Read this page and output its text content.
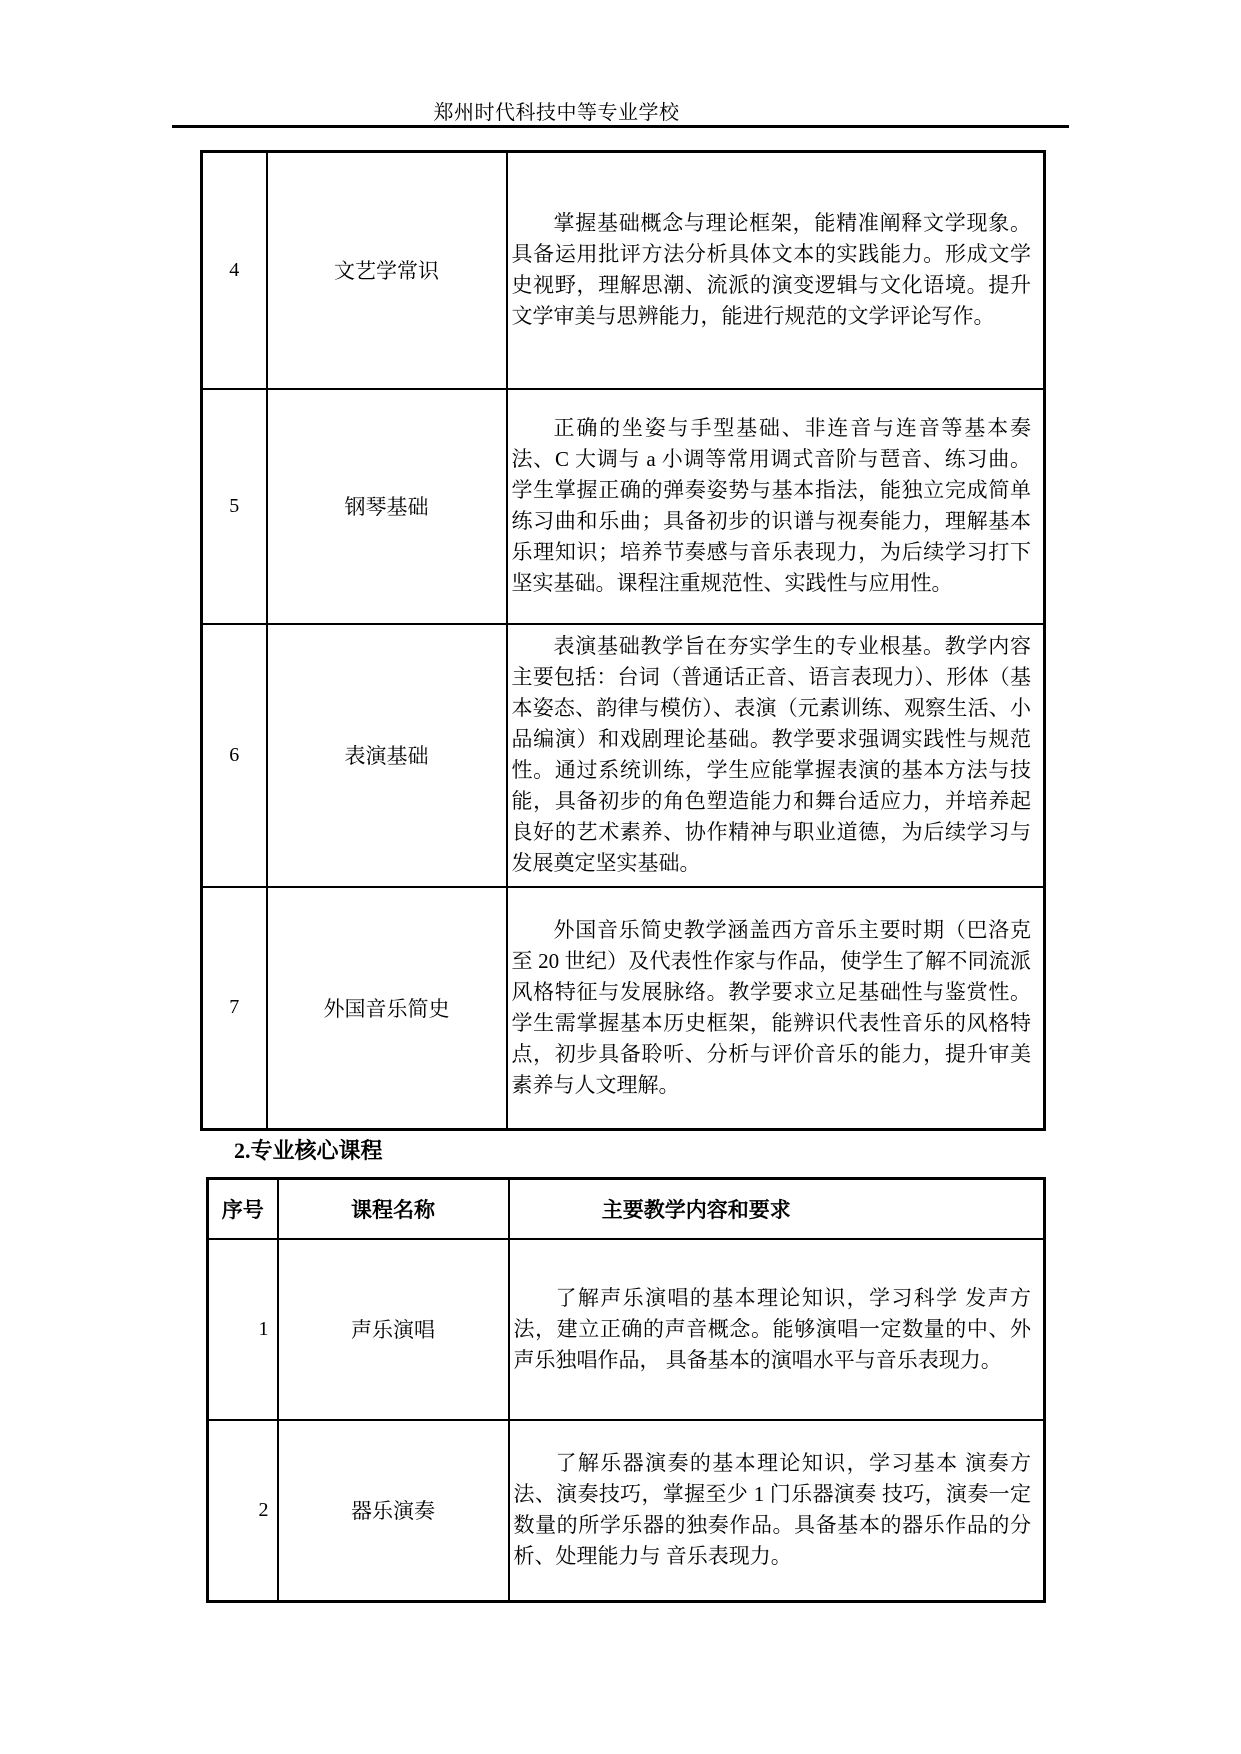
郑州时代科技中等专业学校
4	文艺学常识	掌握基础概念与理论框架，能精准阐释文学现象。具备运用批评方法分析具体文本的实践能力。形成文学史视野，理解思潮、流派的演变逻辑与文化语境。提升文学审美与思辨能力，能进行规范的文学评论写作。

5	钢琴基础	正确的坐姿与手型基础、非连音与连音等基本奏法、C 大调与 a 小调等常用调式音阶与琶音、练习曲。学生掌握正确的弹奏姿势与基本指法，能独立完成简单练习曲和乐曲；具备初步的识谱与视奏能力，理解基本乐理知识；培养节奏感与音乐表现力，为后续学习打下坚实基础。课程注重规范性、实践性与应用性。

6	表演基础	表演基础教学旨在夯实学生的专业根基。教学内容主要包括：台词（普通话正音、语言表现力）、形体（基本姿态、韵律与模仿）、表演（元素训练、观察生活、小品编演）和戏剧理论基础。教学要求强调实践性与规范性。通过系统训练，学生应能掌握表演的基本方法与技能，具备初步的角色塑造能力和舞台适应力，并培养起良好的艺术素养、协作精神与职业道德，为后续学习与发展奠定坚实基础。

7	外国音乐简史	外国音乐简史教学涵盖西方音乐主要时期（巴洛克至 20 世纪）及代表性作家与作品，使学生了解不同流派风格特征与发展脉络。教学要求立足基础性与鉴赏性。学生需掌握基本历史框架，能辨识代表性音乐的风格特点，初步具备聆听、分析与评价音乐的能力，提升审美素养与人文理解。
2.专业核心课程
序号	课程名称	主要教学内容和要求
1	声乐演唱	了解声乐演唱的基本理论知识，学习科学 发声方法，建立正确的声音概念。能够演唱一定数量的中、外声乐独唱作品， 具备基本的演唱水平与音乐表现力。

2	器乐演奏	了解乐器演奏的基本理论知识，学习基本 演奏方法、演奏技巧，掌握至少 1 门乐器演奏 技巧，演奏一定数量的所学乐器的独奏作品。具备基本的器乐作品的分析、处理能力与 音乐表现力。
